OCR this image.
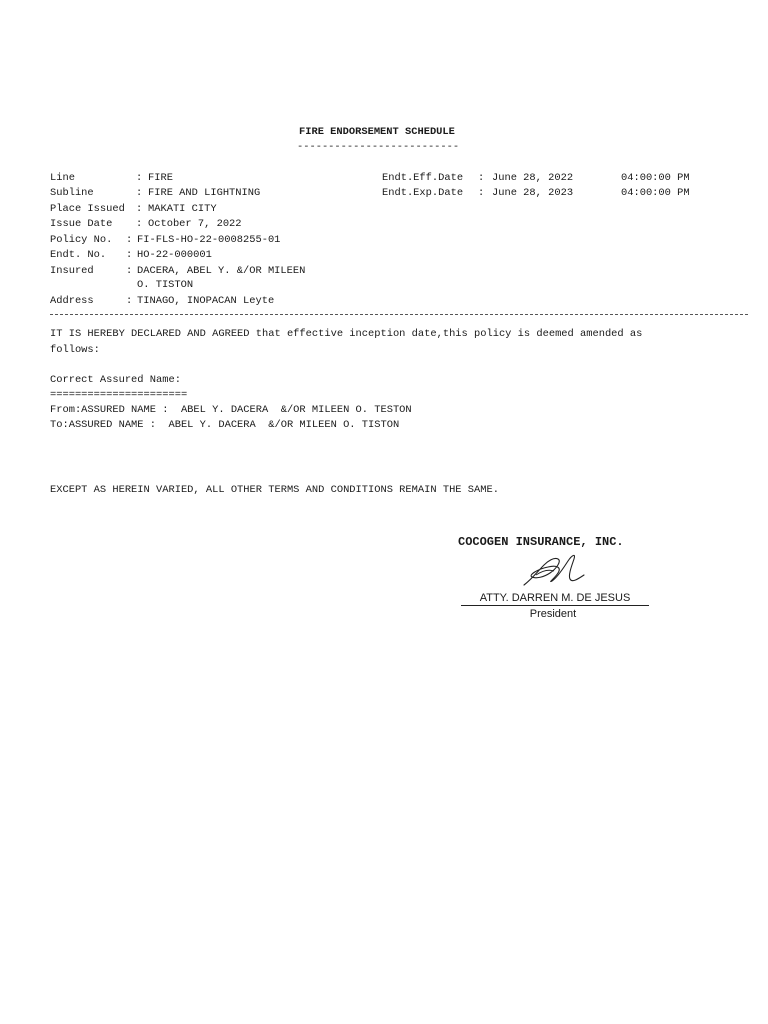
FIRE ENDORSEMENT SCHEDULE
--------------------------
Line	: FIRE
Subline	: FIRE AND LIGHTNING
Place Issued : MAKATI CITY
Issue Date : October 7, 2022
Policy No. : FI-FLS-HO-22-0008255-01
Endt. No. : HO-22-000001
Insured	: DACERA, ABEL Y. &/OR MILEEN
O. TISTON
Address	: TINAGO, INOPACAN Leyte
Endt.Eff.Date : June 28, 2022	04:00:00 PM
Endt.Exp.Date : June 28, 2023	04:00:00 PM
IT IS HEREBY DECLARED AND AGREED that effective inception date,this policy is deemed amended as
follows:
Correct Assured Name:
======================
From:ASSURED NAME :  ABEL Y. DACERA  &/OR MILEEN O. TESTON
To:ASSURED NAME :  ABEL Y. DACERA  &/OR MILEEN O. TISTON
EXCEPT AS HEREIN VARIED, ALL OTHER TERMS AND CONDITIONS REMAIN THE SAME.
COCOGEN INSURANCE, INC.
ATTY. DARREN M. DE JESUS
President
